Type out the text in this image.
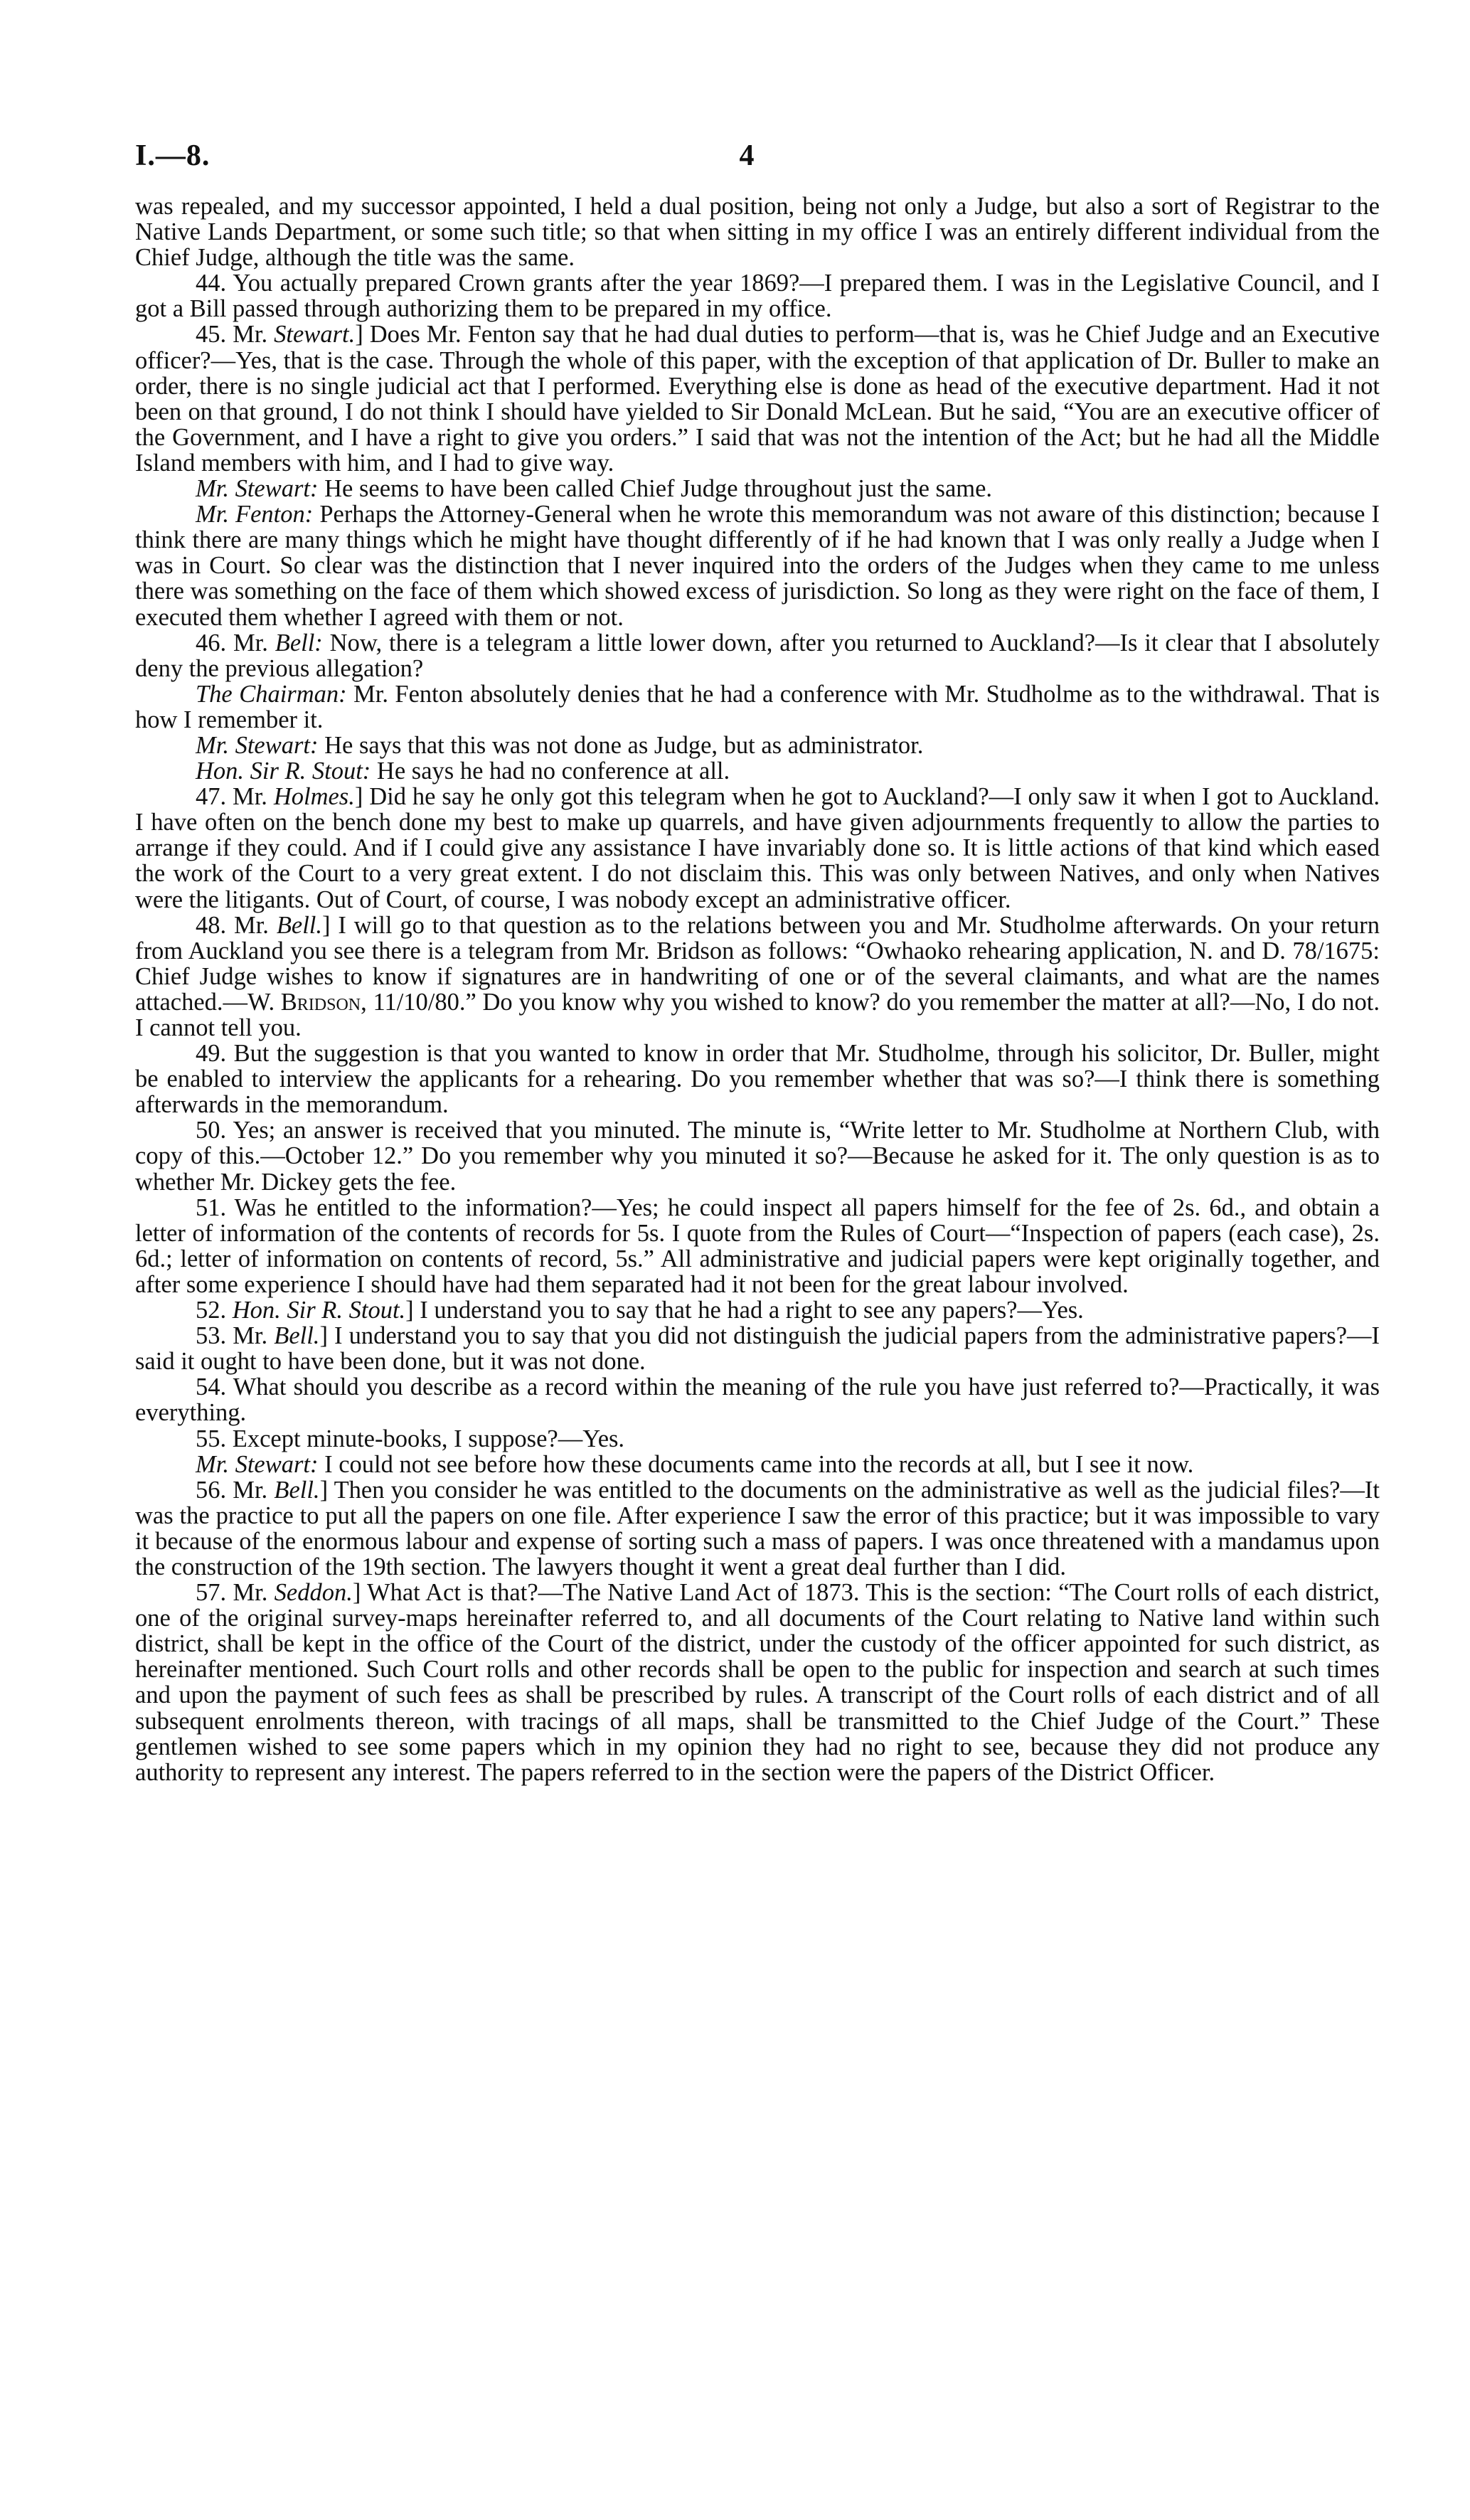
I.—8.	4

was repealed, and my successor appointed, I held a dual position, being not only a Judge, but also a sort of Registrar to the Native Lands Department, or some such title; so that when sitting in my office I was an entirely different individual from the Chief Judge, although the title was the same.

44. You actually prepared Crown grants after the year 1869?—I prepared them. I was in the Legislative Council, and I got a Bill passed through authorizing them to be prepared in my office.

45. Mr. Stewart.] Does Mr. Fenton say that he had dual duties to perform—that is, was he Chief Judge and an Executive officer?—Yes, that is the case. Through the whole of this paper, with the exception of that application of Dr. Buller to make an order, there is no single judicial act that I performed. Everything else is done as head of the executive department. Had it not been on that ground, I do not think I should have yielded to Sir Donald McLean. But he said, “You are an executive officer of the Government, and I have a right to give you orders.” I said that was not the intention of the Act; but he had all the Middle Island members with him, and I had to give way.

Mr. Stewart: He seems to have been called Chief Judge throughout just the same.

Mr. Fenton: Perhaps the Attorney-General when he wrote this memorandum was not aware of this distinction; because I think there are many things which he might have thought differently of if he had known that I was only really a Judge when I was in Court. So clear was the distinction that I never inquired into the orders of the Judges when they came to me unless there was something on the face of them which showed excess of jurisdiction. So long as they were right on the face of them, I executed them whether I agreed with them or not.

46. Mr. Bell: Now, there is a telegram a little lower down, after you returned to Auckland?—Is it clear that I absolutely deny the previous allegation?

The Chairman: Mr. Fenton absolutely denies that he had a conference with Mr. Studholme as to the withdrawal. That is how I remember it.

Mr. Stewart: He says that this was not done as Judge, but as administrator.

Hon. Sir R. Stout: He says he had no conference at all.

47. Mr. Holmes.] Did he say he only got this telegram when he got to Auckland?—I only saw it when I got to Auckland. I have often on the bench done my best to make up quarrels, and have given adjournments frequently to allow the parties to arrange if they could. And if I could give any assistance I have invariably done so. It is little actions of that kind which eased the work of the Court to a very great extent. I do not disclaim this. This was only between Natives, and only when Natives were the litigants. Out of Court, of course, I was nobody except an administrative officer.

48. Mr. Bell.] I will go to that question as to the relations between you and Mr. Studholme afterwards. On your return from Auckland you see there is a telegram from Mr. Bridson as follows: “Owhaoko rehearing application, N. and D. 78/1675: Chief Judge wishes to know if signatures are in handwriting of one or of the several claimants, and what are the names attached.—W. Bridson, 11/10/80.” Do you know why you wished to know? do you remember the matter at all?—No, I do not. I cannot tell you.

49. But the suggestion is that you wanted to know in order that Mr. Studholme, through his solicitor, Dr. Buller, might be enabled to interview the applicants for a rehearing. Do you remember whether that was so?—I think there is something afterwards in the memorandum.

50. Yes; an answer is received that you minuted. The minute is, “Write letter to Mr. Studholme at Northern Club, with copy of this.—October 12.” Do you remember why you minuted it so?—Because he asked for it. The only question is as to whether Mr. Dickey gets the fee.

51. Was he entitled to the information?—Yes; he could inspect all papers himself for the fee of 2s. 6d., and obtain a letter of information of the contents of records for 5s. I quote from the Rules of Court—“Inspection of papers (each case), 2s. 6d.; letter of information on contents of record, 5s.” All administrative and judicial papers were kept originally together, and after some experience I should have had them separated had it not been for the great labour involved.

52. Hon. Sir R. Stout.] I understand you to say that he had a right to see any papers?—Yes.

53. Mr. Bell.] I understand you to say that you did not distinguish the judicial papers from the administrative papers?—I said it ought to have been done, but it was not done.

54. What should you describe as a record within the meaning of the rule you have just referred to?—Practically, it was everything.

55. Except minute-books, I suppose?—Yes.

Mr. Stewart: I could not see before how these documents came into the records at all, but I see it now.

56. Mr. Bell.] Then you consider he was entitled to the documents on the administrative as well as the judicial files?—It was the practice to put all the papers on one file. After experience I saw the error of this practice; but it was impossible to vary it because of the enormous labour and expense of sorting such a mass of papers. I was once threatened with a mandamus upon the construction of the 19th section. The lawyers thought it went a great deal further than I did.

57. Mr. Seddon.] What Act is that?—The Native Land Act of 1873. This is the section: “The Court rolls of each district, one of the original survey-maps hereinafter referred to, and all documents of the Court relating to Native land within such district, shall be kept in the office of the Court of the district, under the custody of the officer appointed for such district, as hereinafter mentioned. Such Court rolls and other records shall be open to the public for inspection and search at such times and upon the payment of such fees as shall be prescribed by rules. A transcript of the Court rolls of each district and of all subsequent enrolments thereon, with tracings of all maps, shall be transmitted to the Chief Judge of the Court.” These gentlemen wished to see some papers which in my opinion they had no right to see, because they did not produce any authority to represent any interest. The papers referred to in the section were the papers of the District Officer.
